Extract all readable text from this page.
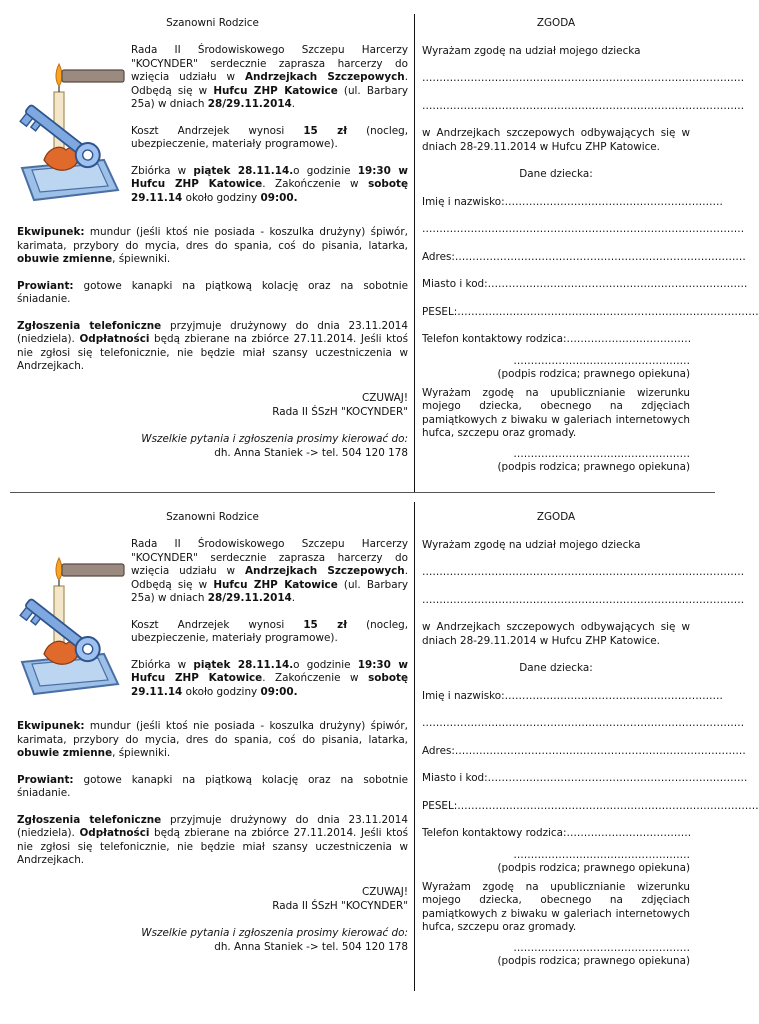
Szanowni Rodzice

Rada II Środowiskowego Szczepu Harcerzy "KOCYNDER" serdecznie zaprasza harcerzy do wzięcia udziału w Andrzejkach Szczepowych. Odbędą się w Hufcu ZHP Katowice (ul. Barbary 25a) w dniach 28/29.11.2014.

Koszt Andrzejek wynosi 15 zł (nocleg, ubezpieczenie, materiały programowe).

Zbiórka w piątek 28.11.14.o godzinie 19:30 w Hufcu ZHP Katowice. Zakończenie w sobotę 29.11.14 około godziny 09:00.

Ekwipunek: mundur (jeśli ktoś nie posiada - koszulka drużyny) śpiwór, karimata, przybory do mycia, dres do spania, coś do pisania, latarka, obuwie zmienne, śpiewniki.

Prowiant: gotowe kanapki na piątkową kolację oraz na sobotnie śniadanie.

Zgłoszenia telefoniczne przyjmuje drużynowy do dnia 23.11.2014 (niedziela). Odpłatności będą zbierane na zbiórce 27.11.2014. Jeśli ktoś nie zgłosi się telefonicznie, nie będzie miał szansy uczestniczenia w Andrzejkach.

CZUWAJ!

Rada II ŚSzH "KOCYNDER"

Wszelkie pytania i zgłoszenia prosimy kierować do:

dh. Anna Staniek -> tel. 504 120 178

ZGODA

Wyrażam zgodę na udział mojego dziecka

…………………………………………………………………………………

…………………………………………………………………………………

w Andrzejkach szczepowych odbywających się w dniach 28-29.11.2014 w Hufcu ZHP Katowice.

Dane dziecka:

Imię i nazwisko:………………………………………………………

…………………………………………………………………………………

Adres:…………………………………………………………………………

Miasto i kod:…………………………………………………………………

PESEL:……………………………………………………………………………

Telefon kontaktowy rodzica:………………………………

……………………………………………

(podpis rodzica; prawnego opiekuna)

Wyrażam zgodę na upublicznianie wizerunku mojego dziecka, obecnego na zdjęciach pamiątkowych z biwaku w galeriach internetowych hufca, szczepu oraz gromady.

……………………………………………

(podpis rodzica; prawnego opiekuna)

Szanowni Rodzice

Rada II Środowiskowego Szczepu Harcerzy "KOCYNDER" serdecznie zaprasza harcerzy do wzięcia udziału w Andrzejkach Szczepowych. Odbędą się w Hufcu ZHP Katowice (ul. Barbary 25a) w dniach 28/29.11.2014.

Koszt Andrzejek wynosi 15 zł (nocleg, ubezpieczenie, materiały programowe).

Zbiórka w piątek 28.11.14.o godzinie 19:30 w Hufcu ZHP Katowice. Zakończenie w sobotę 29.11.14 około godziny 09:00.

Ekwipunek: mundur (jeśli ktoś nie posiada - koszulka drużyny) śpiwór, karimata, przybory do mycia, dres do spania, coś do pisania, latarka, obuwie zmienne, śpiewniki.

Prowiant: gotowe kanapki na piątkową kolację oraz na sobotnie śniadanie.

Zgłoszenia telefoniczne przyjmuje drużynowy do dnia 23.11.2014 (niedziela). Odpłatności będą zbierane na zbiórce 27.11.2014. Jeśli ktoś nie zgłosi się telefonicznie, nie będzie miał szansy uczestniczenia w Andrzejkach.

CZUWAJ!

Rada II ŚSzH "KOCYNDER"

Wszelkie pytania i zgłoszenia prosimy kierować do:

dh. Anna Staniek -> tel. 504 120 178

ZGODA

Wyrażam zgodę na udział mojego dziecka

…………………………………………………………………………………

…………………………………………………………………………………

w Andrzejkach szczepowych odbywających się w dniach 28-29.11.2014 w Hufcu ZHP Katowice.

Dane dziecka:

Imię i nazwisko:………………………………………………………

…………………………………………………………………………………

Adres:…………………………………………………………………………

Miasto i kod:…………………………………………………………………

PESEL:……………………………………………………………………………

Telefon kontaktowy rodzica:………………………………

……………………………………………

(podpis rodzica; prawnego opiekuna)

Wyrażam zgodę na upublicznianie wizerunku mojego dziecka, obecnego na zdjęciach pamiątkowych z biwaku w galeriach internetowych hufca, szczepu oraz gromady.

……………………………………………

(podpis rodzica; prawnego opiekuna)
